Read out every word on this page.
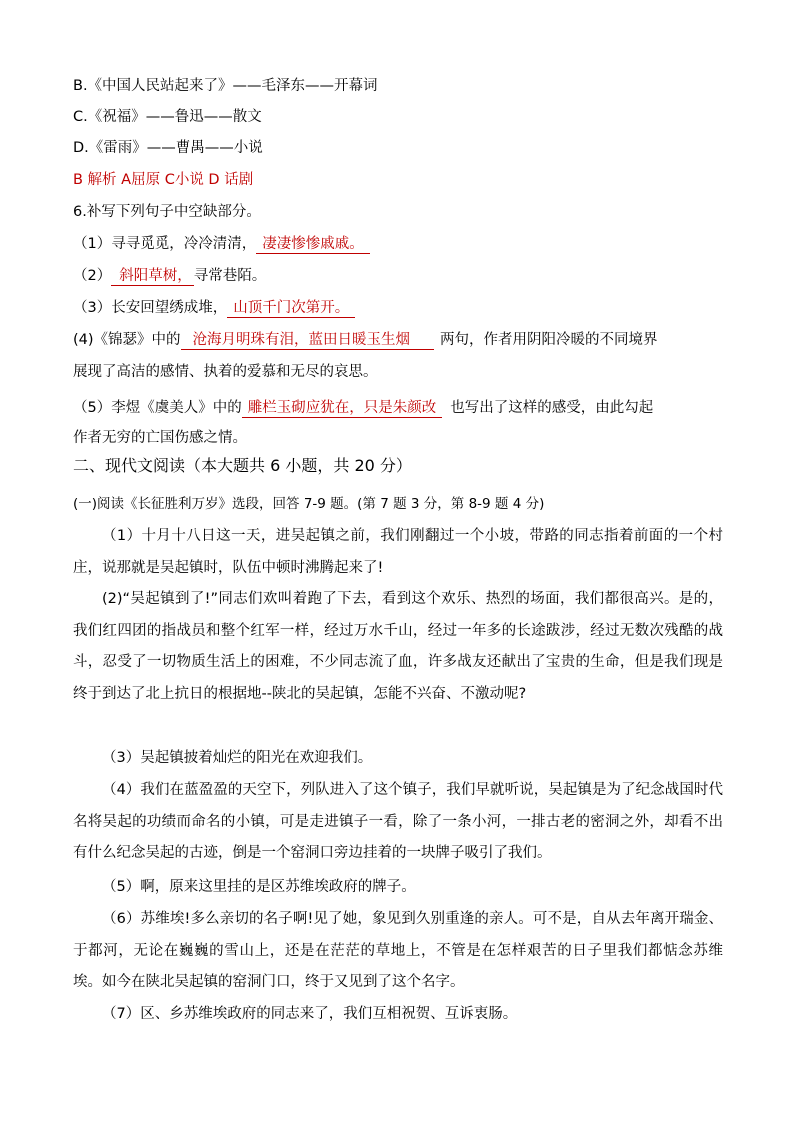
B.《中国人民站起来了》——毛泽东——开幕词
C.《祝福》——鲁迅——散文
D.《雷雨》——曹禺——小说
B 解析 A屈原 C小说 D 话剧
6.补写下列句子中空缺部分。
（1）寻寻觅觅，冷冷清清， 凄凄惨惨戚戚。
（2） 斜阳草树， 寻常巷陌。
（3）长安回望绣成堆， 山顶千门次第开。
(4)《锦瑟》中的 沧海月明珠有泪，蓝田日暖玉生烟 两句，作者用阴阳冷暖的不同境界
展现了高洁的感情、执着的爱慕和无尽的哀思。
（5）李煜《虞美人》中的 雕栏玉砌应犹在，只是朱颜改 也写出了这样的感受，由此勾起
作者无穷的亡国伤感之情。
二、现代文阅读（本大题共 6 小题，共 20 分）
(一)阅读《长征胜利万岁》选段，回答 7-9 题。(第 7 题 3 分，第 8-9 题 4 分)
（1）十月十八日这一天，进吴起镇之前，我们刚翻过一个小坡，带路的同志指着前面的一个村庄，说那就是吴起镇时，队伍中顿时沸腾起来了!
(2)“吴起镇到了!”同志们欢叫着跑了下去，看到这个欢乐、热烈的场面，我们都很高兴。是的，我们红四团的指战员和整个红军一样，经过万水千山，经过一年多的长途跋涉，经过无数次残酷的战斗，忍受了一切物质生活上的困难，不少同志流了血，许多战友还献出了宝贵的生命，但是我们现是终于到达了北上抗日的根据地--陕北的吴起镇，怎能不兴奋、不激动呢?
（3）吴起镇披着灿烂的阳光在欢迎我们。
（4）我们在蓝盈盈的天空下，列队进入了这个镇子，我们早就听说，吴起镇是为了纪念战国时代名将吴起的功绩而命名的小镇，可是走进镇子一看，除了一条小河，一排古老的密洞之外，却看不出有什么纪念吴起的古迹，倒是一个窑洞口旁边挂着的一块牌子吸引了我们。
（5）啊，原来这里挂的是区苏维埃政府的牌子。
（6）苏维埃!多么亲切的名子啊!见了她，象见到久别重逢的亲人。可不是，自从去年离开瑞金、于都河，无论在巍巍的雪山上，还是在茫茫的草地上，不管是在怎样艰苦的日子里我们都惦念苏维埃。如今在陕北吴起镇的窑洞门口，终于又见到了这个名字。
（7）区、乡苏维埃政府的同志来了，我们互相祝贺、互诉衷肠。
